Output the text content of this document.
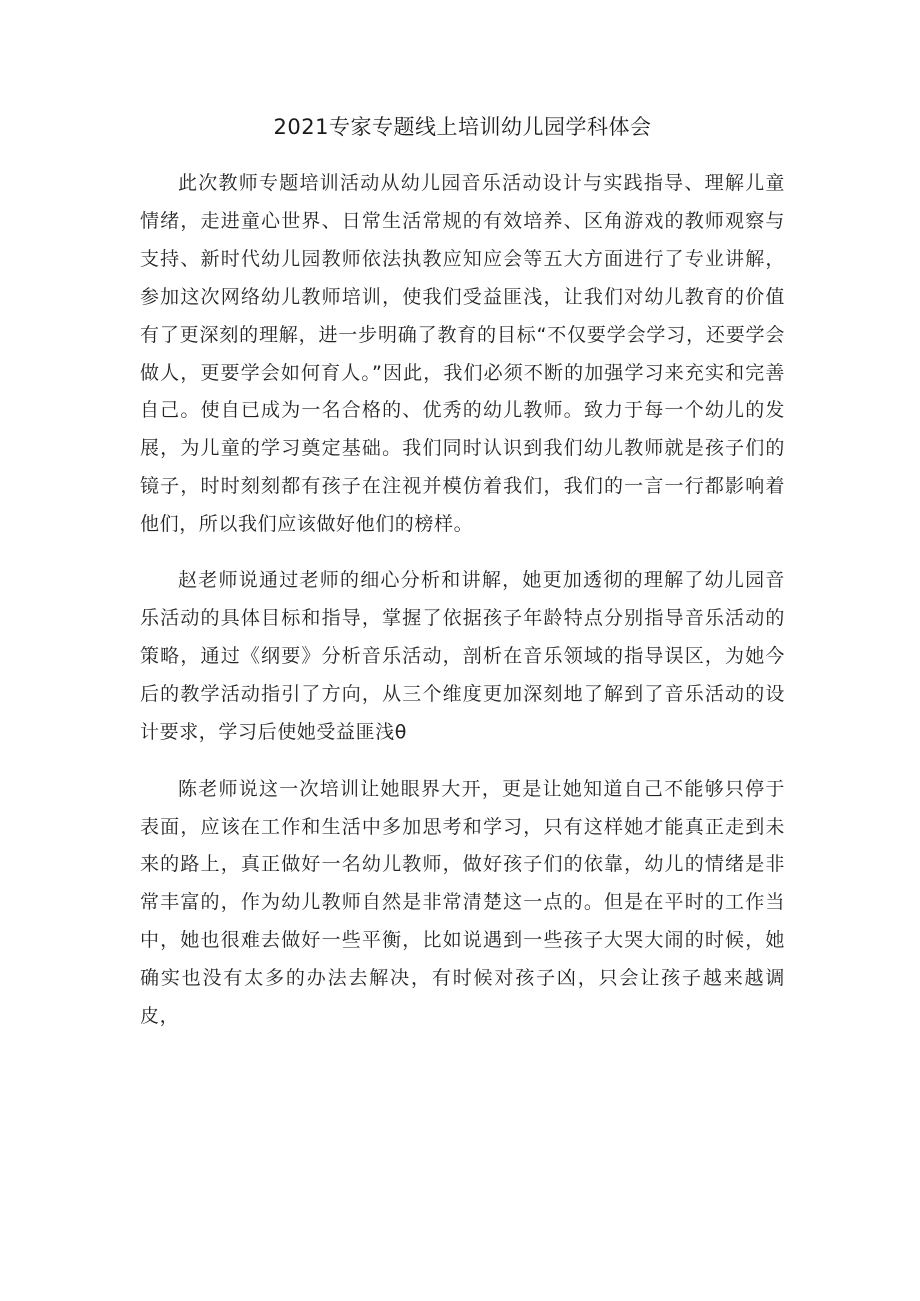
2021专家专题线上培训幼儿园学科体会

此次教师专题培训活动从幼儿园音乐活动设计与实践指导、理解儿童情绪，走进童心世界、日常生活常规的有效培养、区角游戏的教师观察与支持、新时代幼儿园教师依法执教应知应会等五大方面进行了专业讲解，参加这次网络幼儿教师培训，使我们受益匪浅，让我们对幼儿教育的价值有了更深刻的理解，进一步明确了教育的目标“不仅要学会学习，还要学会做人，更要学会如何育人。”因此，我们必须不断的加强学习来充实和完善自己。使自已成为一名合格的、优秀的幼儿教师。致力于每一个幼儿的发展，为儿童的学习奠定基础。我们同时认识到我们幼儿教师就是孩子们的镜子，时时刻刻都有孩子在注视并模仿着我们，我们的一言一行都影响着他们，所以我们应该做好他们的榜样。

赵老师说通过老师的细心分析和讲解，她更加透彻的理解了幼儿园音乐活动的具体目标和指导，掌握了依据孩子年龄特点分别指导音乐活动的策略，通过《纲要》分析音乐活动，剖析在音乐领域的指导误区，为她今后的教学活动指引了方向，从三个维度更加深刻地了解到了音乐活动的设计要求，学习后使她受益匪浅θ

陈老师说这一次培训让她眼界大开，更是让她知道自己不能够只停于表面，应该在工作和生活中多加思考和学习，只有这样她才能真正走到未来的路上，真正做好一名幼儿教师，做好孩子们的依靠，幼儿的情绪是非常丰富的，作为幼儿教师自然是非常清楚这一点的。但是在平时的工作当中，她也很难去做好一些平衡，比如说遇到一些孩子大哭大闹的时候，她确实也没有太多的办法去解决，有时候对孩子凶，只会让孩子越来越调皮，
